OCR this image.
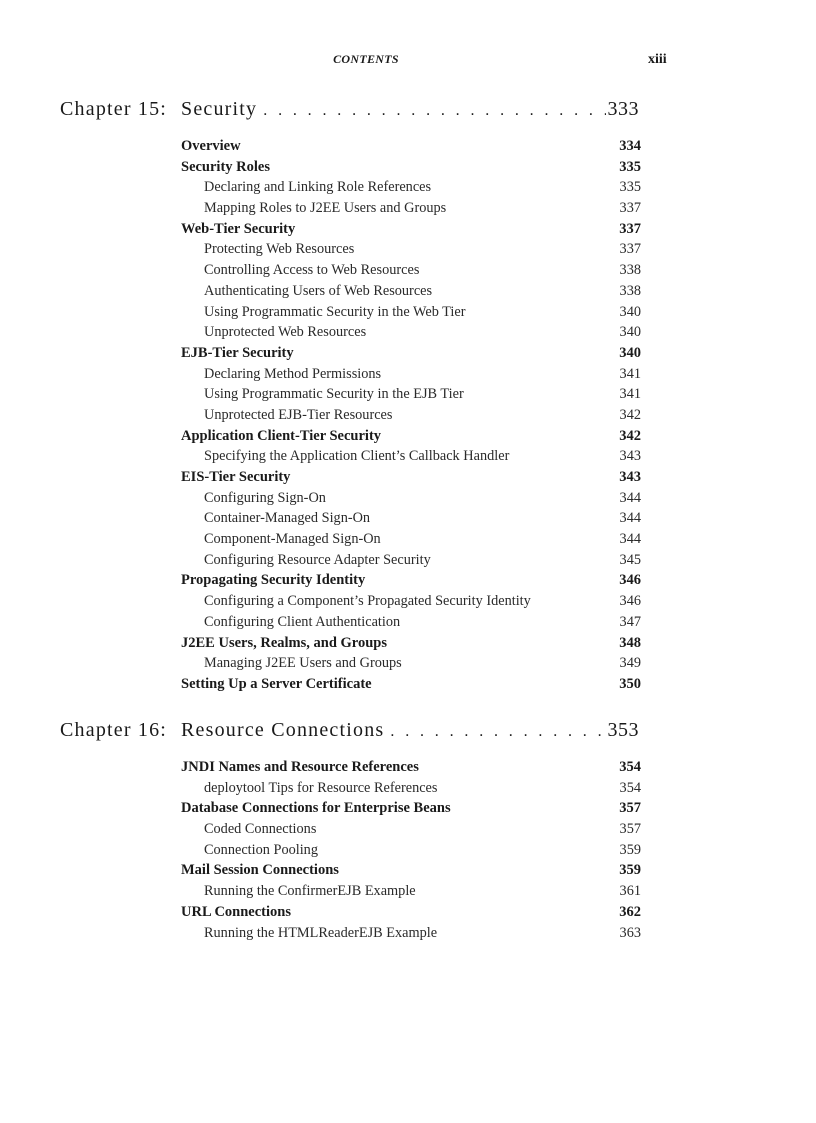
CONTENTS	xiii
Chapter 15: Security . . .	333
Overview	334
Security Roles	335
Declaring and Linking Role References	335
Mapping Roles to J2EE Users and Groups	337
Web-Tier Security	337
Protecting Web Resources	337
Controlling Access to Web Resources	338
Authenticating Users of Web Resources	338
Using Programmatic Security in the Web Tier	340
Unprotected Web Resources	340
EJB-Tier Security	340
Declaring Method Permissions	341
Using Programmatic Security in the EJB Tier	341
Unprotected EJB-Tier Resources	342
Application Client-Tier Security	342
Specifying the Application Client’s Callback Handler	343
EIS-Tier Security	343
Configuring Sign-On	344
Container-Managed Sign-On	344
Component-Managed Sign-On	344
Configuring Resource Adapter Security	345
Propagating Security Identity	346
Configuring a Component’s Propagated Security Identity	346
Configuring Client Authentication	347
J2EE Users, Realms, and Groups	348
Managing J2EE Users and Groups	349
Setting Up a Server Certificate	350
Chapter 16: Resource Connections . . .	353
JNDI Names and Resource References	354
deploytool Tips for Resource References	354
Database Connections for Enterprise Beans	357
Coded Connections	357
Connection Pooling	359
Mail Session Connections	359
Running the ConfirmerEJB Example	361
URL Connections	362
Running the HTMLReaderEJB Example	363
